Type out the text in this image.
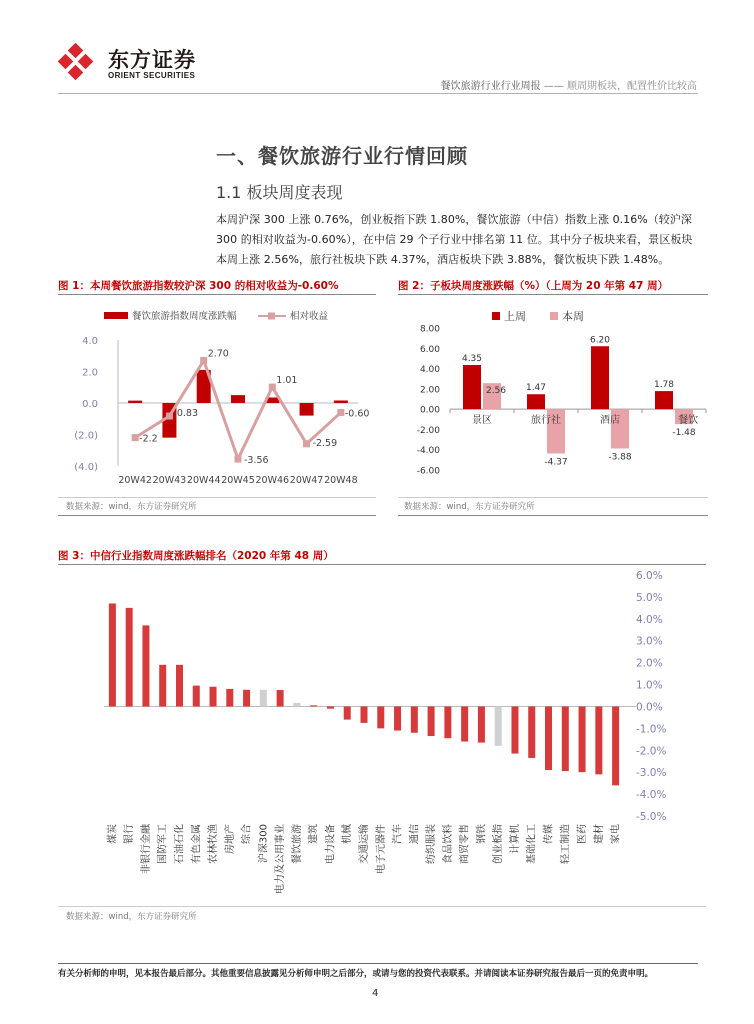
东方证券
ORIENT SECURITIES
餐饮旅游行业行业周报 —— 顺周期板块，配置性价比较高
一、餐饮旅游行业行情回顾
1.1 板块周度表现
本周沪深 300 上涨 0.76%，创业板指下跌 1.80%，餐饮旅游（中信）指数上涨 0.16%（较沪深 300 的相对收益为-0.60%），在中信 29 个子行业中排名第 11 位。其中分子板块来看，景区板块本周上涨 2.56%，旅行社板块下跌 4.37%，酒店板块下跌 3.88%，餐饮板块下跌 1.48%。
图 1：本周餐饮旅游指数较沪深 300 的相对收益为-0.60%
餐饮旅游指数周度涨跌幅	相对收益
4.0
2.0
0.0
(2.0)
(4.0)
-2.2
-0.83
2.70
-3.56
1.01
-2.59
-0.60
20W42 20W43 20W44 20W45 20W46 20W47 20W48
数据来源：wind，东方证券研究所
图 2：子板块周度涨跌幅（%）（上周为 20 年第 47 周）
上周	本周
8.00
6.00
4.00
2.00
0.00
-2.00
-4.00
-6.00
4.35
1.47
6.20
1.78
2.56
-4.37	-3.88
-1.48
景区	旅行社	酒店	餐饮
数据来源：wind，东方证券研究所
图 3：中信行业指数周度涨跌幅排名（2020 年第 48 周）
6.0%
5.0%
4.0%
3.0%
2.0%
1.0%
0.0%
-1.0%
-2.0%
-3.0%
-4.0%
-5.0%
煤炭 银行 非银行金融 国防军工 石油石化 有色金属 农林牧渔 房地产 综合 沪深300 电力及公用事业 餐饮旅游 建筑 电力设备 机械 交通运输 电子元器件 汽车 通信 纺织服装 食品饮料 商贸零售 钢铁 创业板指 计算机 基础化工 传媒 轻工制造 医药 建材 家电
数据来源：wind，东方证券研究所
有关分析师的申明，见本报告最后部分。其他重要信息披露见分析师申明之后部分，或请与您的投资代表联系。并请阅读本证券研究报告最后一页的免责申明。
4
